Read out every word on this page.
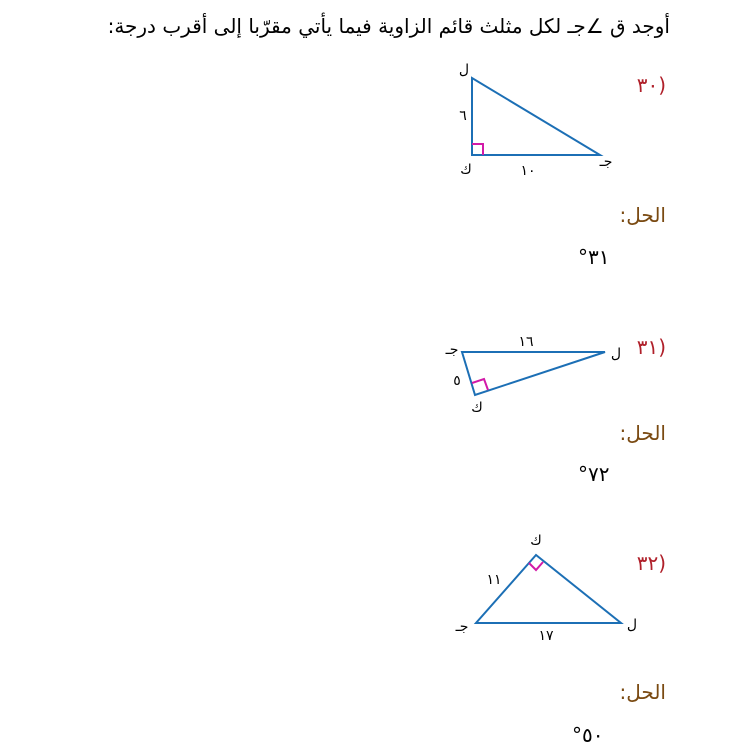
أوجد ق ∠جـ لكل مثلث قائم الزاوية فيما يأتي مقرّبا إلى أقرب درجة:
(٣٠
ل
ك	جـ
٦
١٠
الحل:
٣١°
(٣١
جـ	ل
ك
١٦
٥
الحل:
٧٢°
(٣٢
ك
جـ	ل
١١
١٧
الحل:
٥٠°
